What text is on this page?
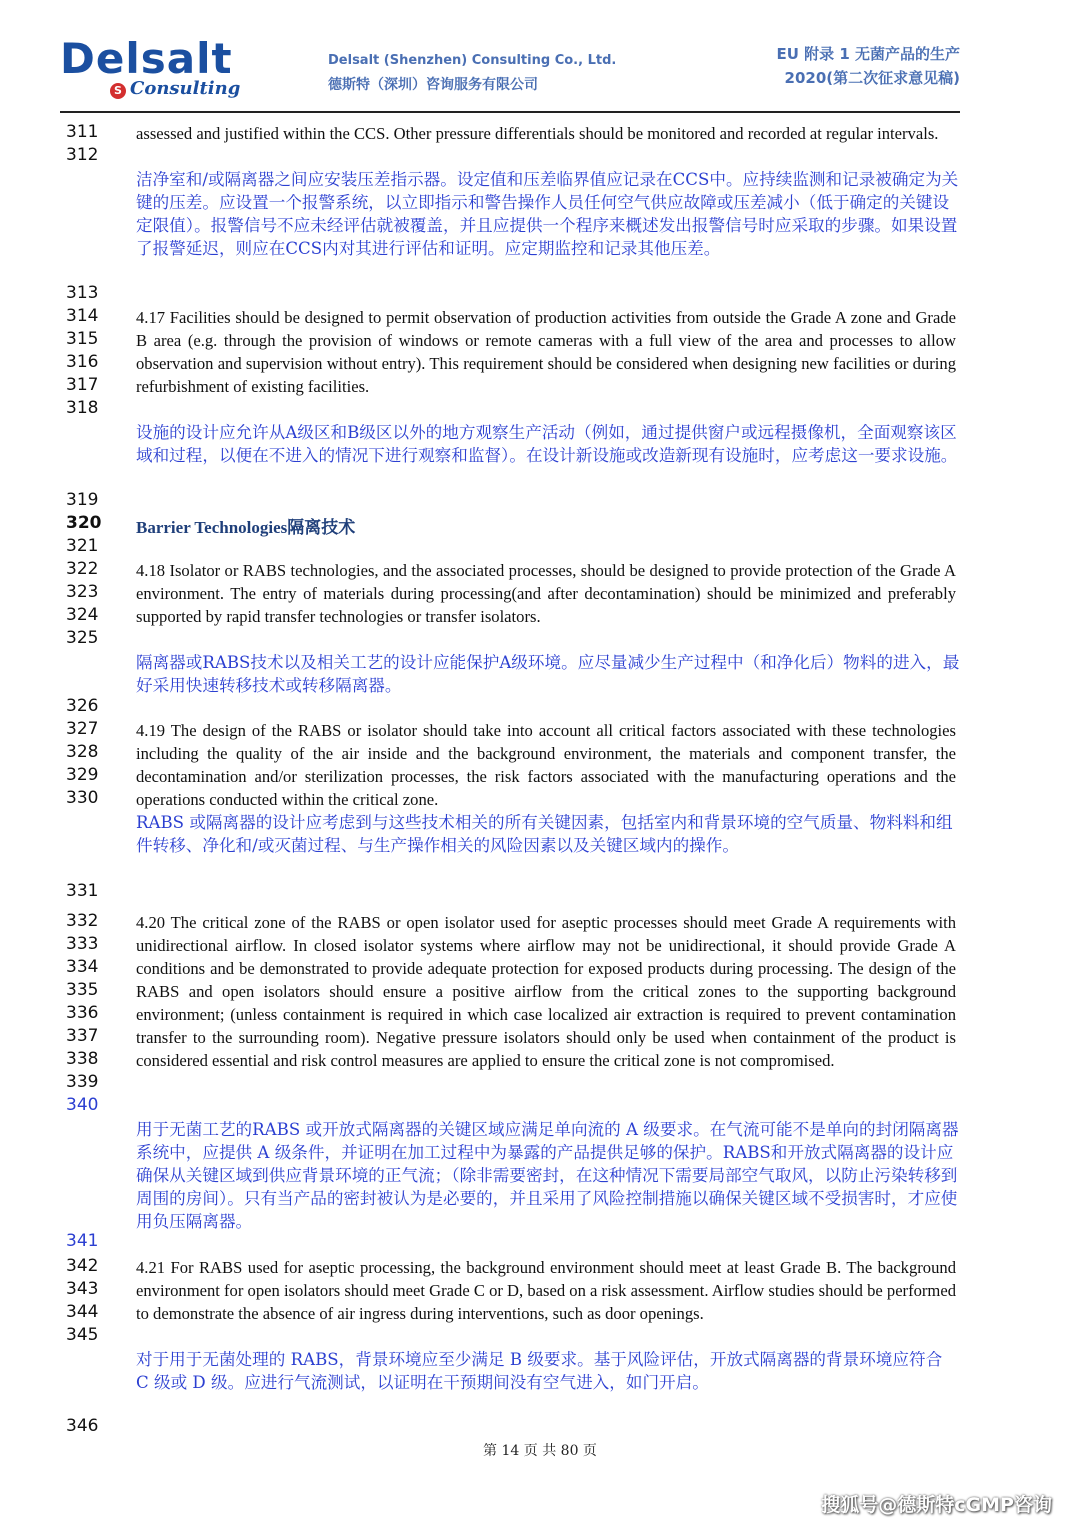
Delsalt
S Consulting
Delsalt (Shenzhen) Consulting Co., Ltd.
德斯特（深圳）咨询服务有限公司
EU 附录 1 无菌产品的生产
2020(第二次征求意见稿)
311
312
313
314
315
316
317
318
319
320
321
322
323
324
325
326
327
328
329
330
331
332
333
334
335
336
337
338
339
340
341
342
343
344
345
346
assessed and justified within the CCS. Other pressure differentials should be monitored and recorded at regular intervals.
洁净室和/或隔离器之间应安装压差指示器。设定值和压差临界值应记录在CCS中。应持续监测和记录被确定为关键的压差。应设置一个报警系统，以立即指示和警告操作人员任何空气供应故障或压差减小（低于确定的关键设定限值）。报警信号不应未经评估就被覆盖，并且应提供一个程序来概述发出报警信号时应采取的步骤。如果设置了报警延迟，则应在CCS内对其进行评估和证明。应定期监控和记录其他压差。
4.17 Facilities should be designed to permit observation of production activities from outside the Grade A zone and Grade B area (e.g. through the provision of windows or remote cameras with a full view of the area and processes to allow observation and supervision without entry). This requirement should be considered when designing new facilities or during refurbishment of existing facilities.
设施的设计应允许从A级区和B级区以外的地方观察生产活动（例如，通过提供窗户或远程摄像机，全面观察该区域和过程，以便在不进入的情况下进行观察和监督）。在设计新设施或改造新现有设施时，应考虑这一要求设施。
Barrier Technologies隔离技术
4.18 Isolator or RABS technologies, and the associated processes, should be designed to provide protection of the Grade A environment. The entry of materials during processing(and after decontamination) should be minimized and preferably supported by rapid transfer technologies or transfer isolators.
隔离器或RABS技术以及相关工艺的设计应能保护A级环境。应尽量减少生产过程中（和净化后）物料的进入，最好采用快速转移技术或转移隔离器。
4.19 The design of the RABS or isolator should take into account all critical factors associated with these technologies including the quality of the air inside and the background environment, the materials and component transfer, the decontamination and/or sterilization processes, the risk factors associated with the manufacturing operations and the operations conducted within the critical zone.
RABS 或隔离器的设计应考虑到与这些技术相关的所有关键因素，包括室内和背景环境的空气质量、物料料和组件转移、净化和/或灭菌过程、与生产操作相关的风险因素以及关键区域内的操作。
4.20 The critical zone of the RABS or open isolator used for aseptic processes should meet Grade A requirements with unidirectional airflow. In closed isolator systems where airflow may not be unidirectional, it should provide Grade A conditions and be demonstrated to provide adequate protection for exposed products during processing. The design of the RABS and open isolators should ensure a positive airflow from the critical zones to the supporting background environment; (unless containment is required in which case localized air extraction is required to prevent contamination transfer to the surrounding room). Negative pressure isolators should only be used when containment of the product is considered essential and risk control measures are applied to ensure the critical zone is not compromised.
用于无菌工艺的RABS 或开放式隔离器的关键区域应满足单向流的 A 级要求。在气流可能不是单向的封闭隔离器系统中，应提供 A 级条件，并证明在加工过程中为暴露的产品提供足够的保护。RABS和开放式隔离器的设计应确保从关键区域到供应背景环境的正气流；（除非需要密封，在这种情况下需要局部空气取风，以防止污染转移到周围的房间）。只有当产品的密封被认为是必要的，并且采用了风险控制措施以确保关键区域不受损害时，才应使用负压隔离器。
4.21 For RABS used for aseptic processing, the background environment should meet at least Grade B. The background environment for open isolators should meet Grade C or D, based on a risk assessment. Airflow studies should be performed to demonstrate the absence of air ingress during interventions, such as door openings.
对于用于无菌处理的 RABS，背景环境应至少满足 B 级要求。基于风险评估，开放式隔离器的背景环境应符合 C 级或 D 级。应进行气流测试，以证明在干预期间没有空气进入，如门开启。
第 14 页 共 80 页
搜狐号@德斯特cGMP咨询
